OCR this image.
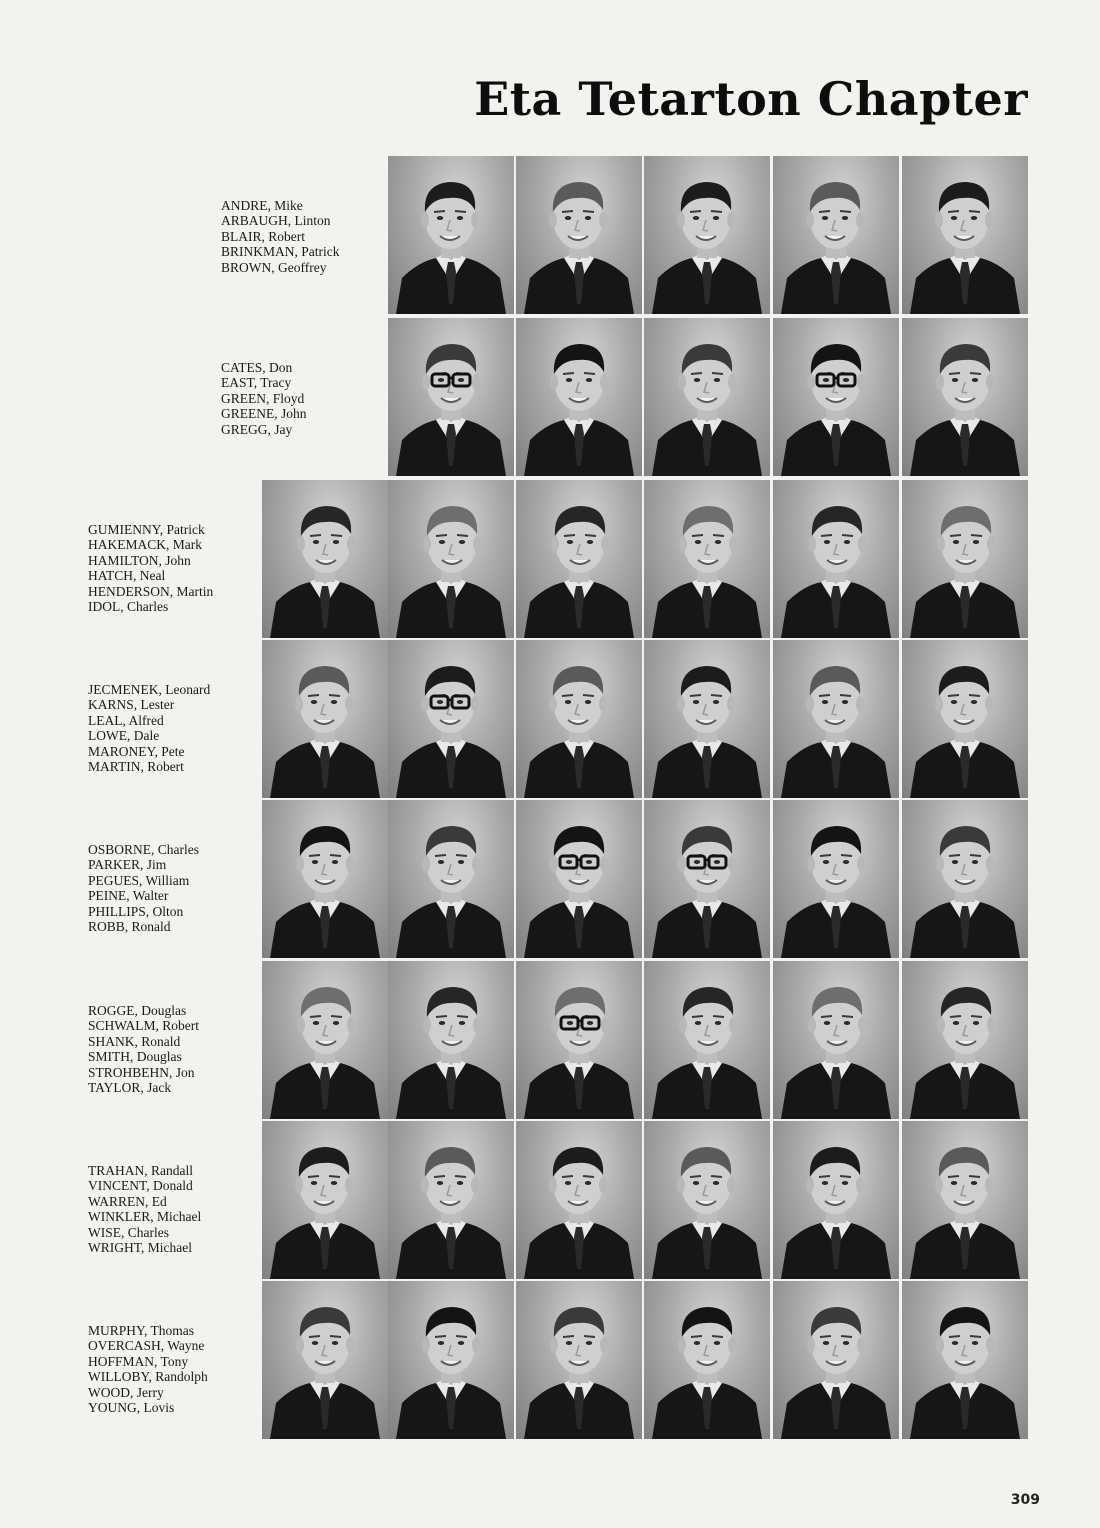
Eta Tetarton Chapter
ANDRE, Mike
ARBAUGH, Linton
BLAIR, Robert
BRINKMAN, Patrick
BROWN, Geoffrey
CATES, Don
EAST, Tracy
GREEN, Floyd
GREENE, John
GREGG, Jay
GUMIENNY, Patrick
HAKEMACK, Mark
HAMILTON, John
HATCH, Neal
HENDERSON, Martin
IDOL, Charles
JECMENEK, Leonard
KARNS, Lester
LEAL, Alfred
LOWE, Dale
MARONEY, Pete
MARTIN, Robert
OSBORNE, Charles
PARKER, Jim
PEGUES, William
PEINE, Walter
PHILLIPS, Olton
ROBB, Ronald
ROGGE, Douglas
SCHWALM, Robert
SHANK, Ronald
SMITH, Douglas
STROHBEHN, Jon
TAYLOR, Jack
TRAHAN, Randall
VINCENT, Donald
WARREN, Ed
WINKLER, Michael
WISE, Charles
WRIGHT, Michael
MURPHY, Thomas
OVERCASH, Wayne
HOFFMAN, Tony
WILLOBY, Randolph
WOOD, Jerry
YOUNG, Lovis
309
